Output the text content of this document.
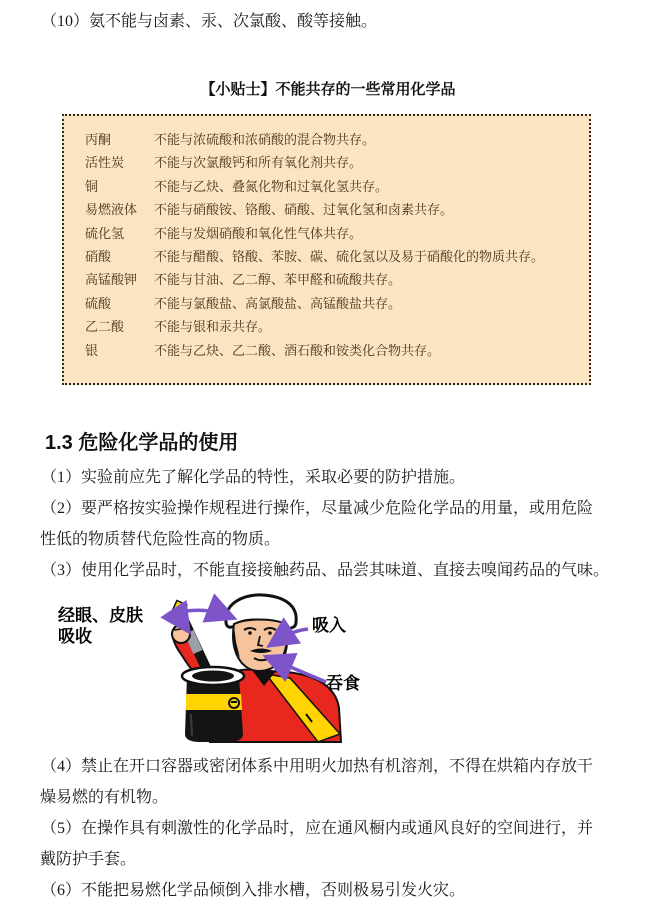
（10）氨不能与卤素、汞、次氯酸、酸等接触。
【小贴士】不能共存的一些常用化学品
丙酮	不能与浓硫酸和浓硝酸的混合物共存。
活性炭	不能与次氯酸钙和所有氧化剂共存。
铜	不能与乙炔、叠氮化物和过氧化氢共存。
易燃液体	不能与硝酸铵、铬酸、硝酸、过氧化氢和卤素共存。
硫化氢	不能与发烟硝酸和氧化性气体共存。
硝酸	不能与醋酸、铬酸、苯胺、碳、硫化氢以及易于硝酸化的物质共存。
高锰酸钾	不能与甘油、乙二醇、苯甲醛和硫酸共存。
硫酸	不能与氯酸盐、高氯酸盐、高锰酸盐共存。
乙二酸	不能与银和汞共存。
银	不能与乙炔、乙二酸、酒石酸和铵类化合物共存。
1.3 危险化学品的使用
（1）实验前应先了解化学品的特性，采取必要的防护措施。
（2）要严格按实验操作规程进行操作，尽量减少危险化学品的用量，或用危险
性低的物质替代危险性高的物质。
（3）使用化学品时，不能直接接触药品、品尝其味道、直接去嗅闻药品的气味。
经眼、皮肤
吸收
吸入
吞食
（4）禁止在开口容器或密闭体系中用明火加热有机溶剂，不得在烘箱内存放干
燥易燃的有机物。
（5）在操作具有刺激性的化学品时，应在通风橱内或通风良好的空间进行，并
戴防护手套。
（6）不能把易燃化学品倾倒入排水槽，否则极易引发火灾。
